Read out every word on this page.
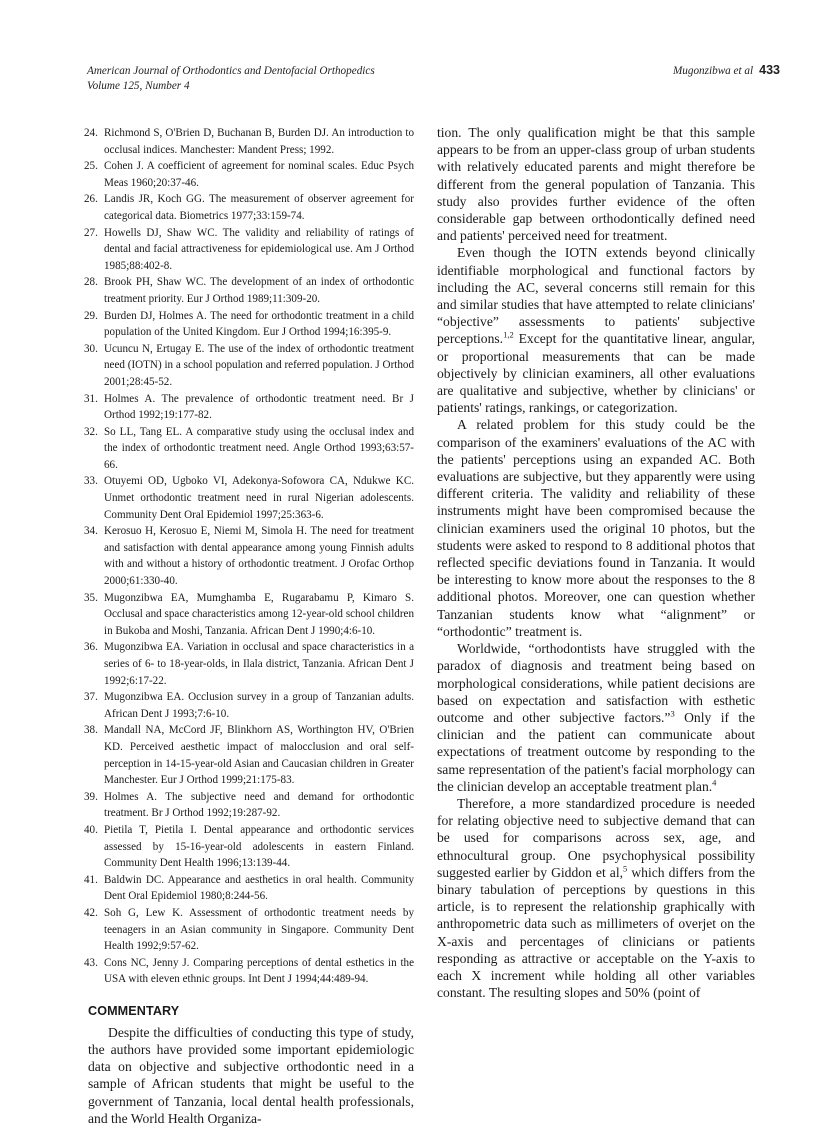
American Journal of Orthodontics and Dentofacial Orthopedics
Volume 125, Number 4
Mugonzibwa et al 433
24. Richmond S, O'Brien D, Buchanan B, Burden DJ. An introduction to occlusal indices. Manchester: Mandent Press; 1992.
25. Cohen J. A coefficient of agreement for nominal scales. Educ Psych Meas 1960;20:37-46.
26. Landis JR, Koch GG. The measurement of observer agreement for categorical data. Biometrics 1977;33:159-74.
27. Howells DJ, Shaw WC. The validity and reliability of ratings of dental and facial attractiveness for epidemiological use. Am J Orthod 1985;88:402-8.
28. Brook PH, Shaw WC. The development of an index of orthodontic treatment priority. Eur J Orthod 1989;11:309-20.
29. Burden DJ, Holmes A. The need for orthodontic treatment in a child population of the United Kingdom. Eur J Orthod 1994;16:395-9.
30. Ucuncu N, Ertugay E. The use of the index of orthodontic treatment need (IOTN) in a school population and referred population. J Orthod 2001;28:45-52.
31. Holmes A. The prevalence of orthodontic treatment need. Br J Orthod 1992;19:177-82.
32. So LL, Tang EL. A comparative study using the occlusal index and the index of orthodontic treatment need. Angle Orthod 1993;63:57-66.
33. Otuyemi OD, Ugboko VI, Adekonya-Sofowora CA, Ndukwe KC. Unmet orthodontic treatment need in rural Nigerian adolescents. Community Dent Oral Epidemiol 1997;25:363-6.
34. Kerosuo H, Kerosuo E, Niemi M, Simola H. The need for treatment and satisfaction with dental appearance among young Finnish adults with and without a history of orthodontic treatment. J Orofac Orthop 2000;61:330-40.
35. Mugonzibwa EA, Mumghamba E, Rugarabamu P, Kimaro S. Occlusal and space characteristics among 12-year-old school children in Bukoba and Moshi, Tanzania. African Dent J 1990;4:6-10.
36. Mugonzibwa EA. Variation in occlusal and space characteristics in a series of 6- to 18-year-olds, in Ilala district, Tanzania. African Dent J 1992;6:17-22.
37. Mugonzibwa EA. Occlusion survey in a group of Tanzanian adults. African Dent J 1993;7:6-10.
38. Mandall NA, McCord JF, Blinkhorn AS, Worthington HV, O'Brien KD. Perceived aesthetic impact of malocclusion and oral self-perception in 14-15-year-old Asian and Caucasian children in Greater Manchester. Eur J Orthod 1999;21:175-83.
39. Holmes A. The subjective need and demand for orthodontic treatment. Br J Orthod 1992;19:287-92.
40. Pietila T, Pietila I. Dental appearance and orthodontic services assessed by 15-16-year-old adolescents in eastern Finland. Community Dent Health 1996;13:139-44.
41. Baldwin DC. Appearance and aesthetics in oral health. Community Dent Oral Epidemiol 1980;8:244-56.
42. Soh G, Lew K. Assessment of orthodontic treatment needs by teenagers in an Asian community in Singapore. Community Dent Health 1992;9:57-62.
43. Cons NC, Jenny J. Comparing perceptions of dental esthetics in the USA with eleven ethnic groups. Int Dent J 1994;44:489-94.
COMMENTARY

Despite the difficulties of conducting this type of study, the authors have provided some important epidemiologic data on objective and subjective orthodontic need in a sample of African students that might be useful to the government of Tanzania, local dental health professionals, and the World Health Organiza-

tion. The only qualification might be that this sample appears to be from an upper-class group of urban students with relatively educated parents and might therefore be different from the general population of Tanzania. This study also provides further evidence of the often considerable gap between orthodontically defined need and patients' perceived need for treatment.

Even though the IOTN extends beyond clinically identifiable morphological and functional factors by including the AC, several concerns still remain for this and similar studies that have attempted to relate clinicians' “objective” assessments to patients' subjective perceptions.$^{1,2}$ Except for the quantitative linear, angular, or proportional measurements that can be made objectively by clinician examiners, all other evaluations are qualitative and subjective, whether by clinicians' or patients' ratings, rankings, or categorization.

A related problem for this study could be the comparison of the examiners' evaluations of the AC with the patients' perceptions using an expanded AC. Both evaluations are subjective, but they apparently were using different criteria. The validity and reliability of these instruments might have been compromised because the clinician examiners used the original 10 photos, but the students were asked to respond to 8 additional photos that reflected specific deviations found in Tanzania. It would be interesting to know more about the responses to the 8 additional photos. Moreover, one can question whether Tanzanian students know what “alignment” or “orthodontic” treatment is.

Worldwide, “orthodontists have struggled with the paradox of diagnosis and treatment being based on morphological considerations, while patient decisions are based on expectation and satisfaction with esthetic outcome and other subjective factors.”$^3$ Only if the clinician and the patient can communicate about expectations of treatment outcome by responding to the same representation of the patient's facial morphology can the clinician develop an acceptable treatment plan.$^4$

Therefore, a more standardized procedure is needed for relating objective need to subjective demand that can be used for comparisons across sex, age, and ethnocultural group. One psychophysical possibility suggested earlier by Giddon et al,$^5$ which differs from the binary tabulation of perceptions by questions in this article, is to represent the relationship graphically with anthropometric data such as millimeters of overjet on the X-axis and percentages of clinicians or patients responding as attractive or acceptable on the Y-axis to each X increment while holding all other variables constant. The resulting slopes and 50% (point of
